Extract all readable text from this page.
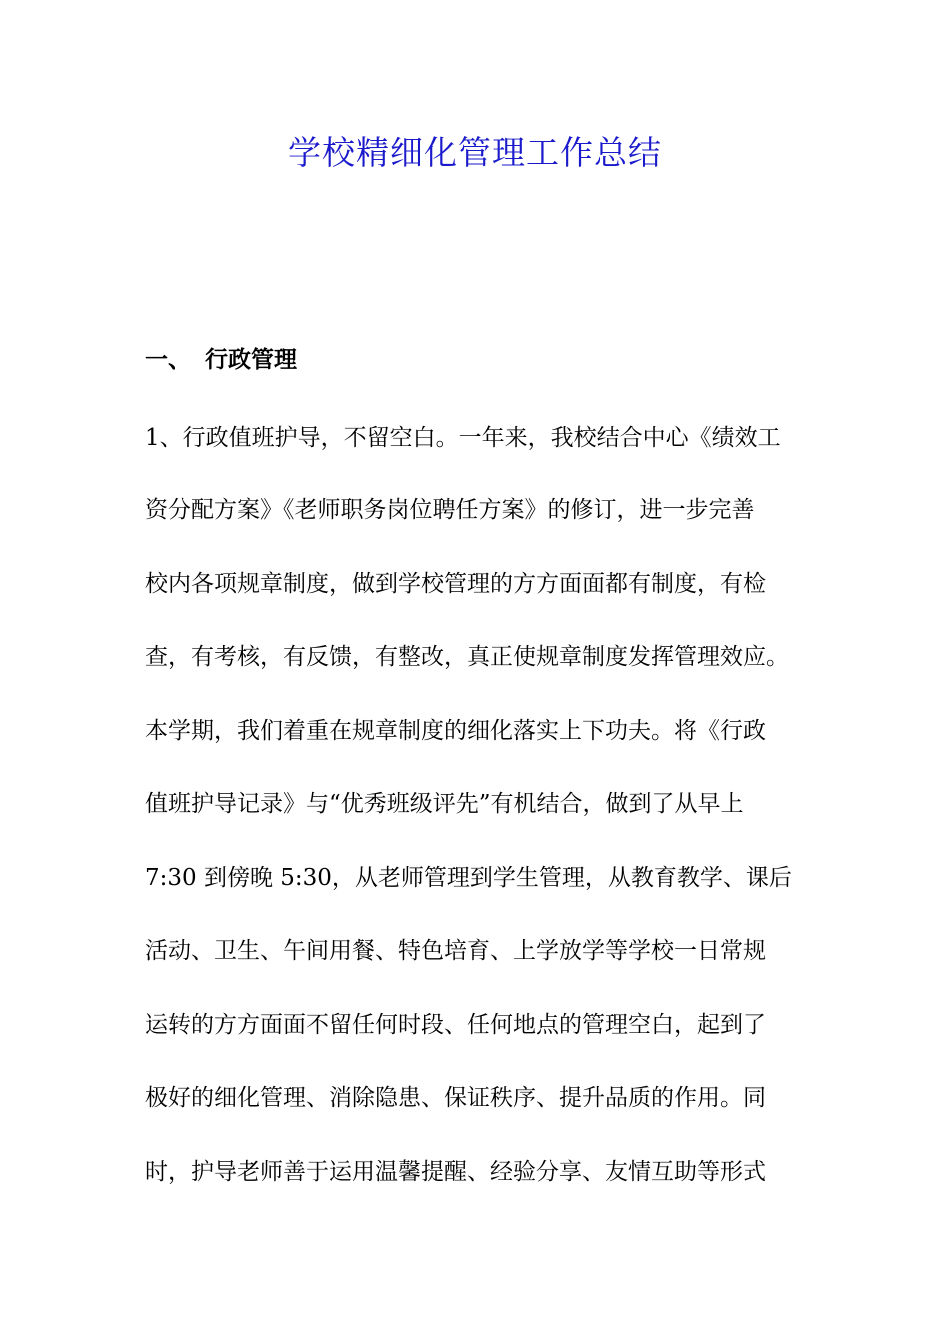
学校精细化管理工作总结
一、 行政管理
1、行政值班护导，不留空白。一年来，我校结合中心《绩效工
资分配方案》《老师职务岗位聘任方案》的修订，进一步完善
校内各项规章制度，做到学校管理的方方面面都有制度，有检
查，有考核，有反馈，有整改，真正使规章制度发挥管理效应。
本学期，我们着重在规章制度的细化落实上下功夫。将《行政
值班护导记录》与“优秀班级评先”有机结合，做到了从早上
7:30 到傍晚 5:30，从老师管理到学生管理，从教育教学、课后
活动、卫生、午间用餐、特色培育、上学放学等学校一日常规
运转的方方面面不留任何时段、任何地点的管理空白，起到了
极好的细化管理、消除隐患、保证秩序、提升品质的作用。同
时，护导老师善于运用温馨提醒、经验分享、友情互助等形式
